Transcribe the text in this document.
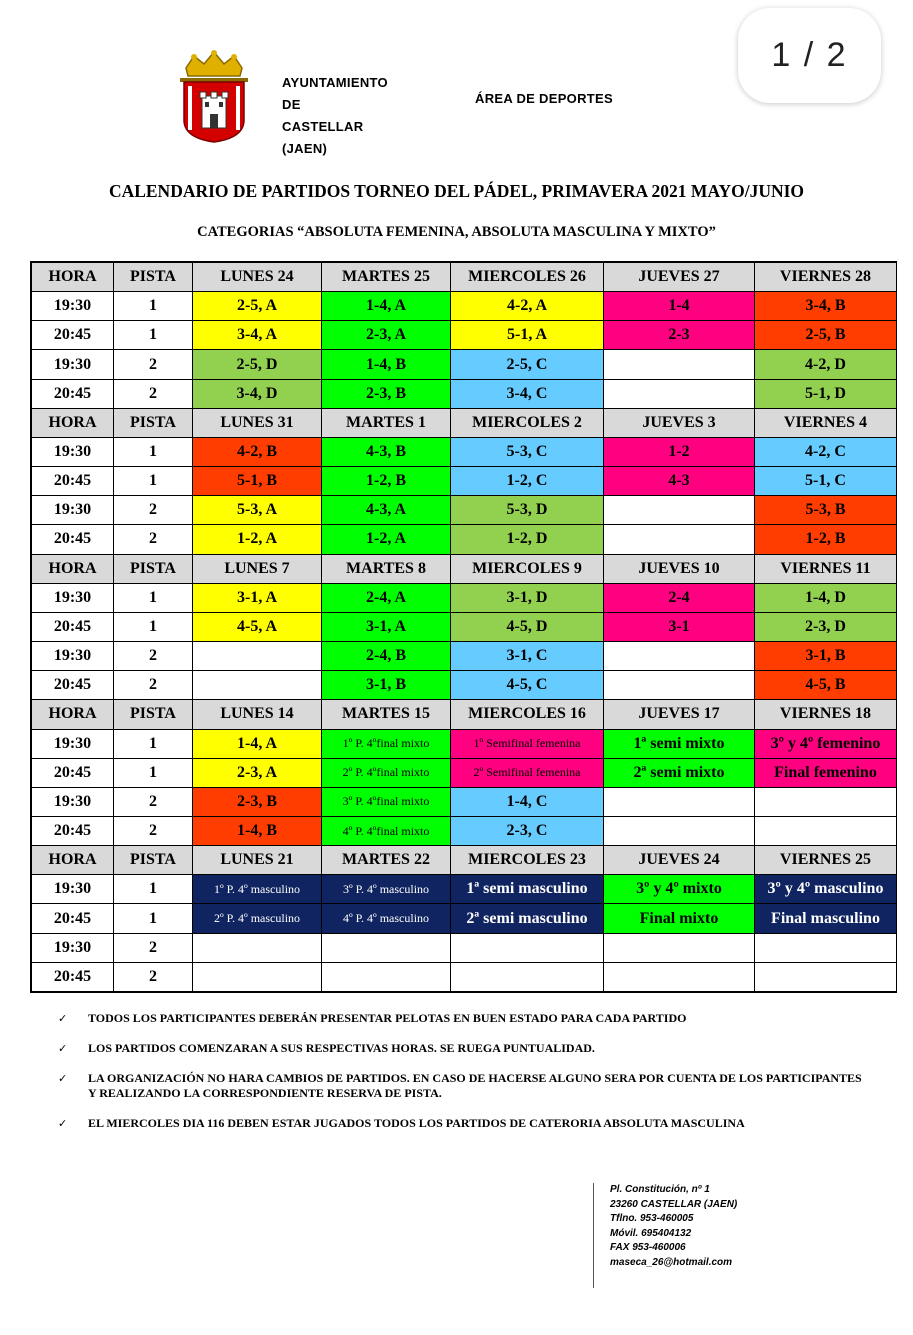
1 / 2
AYUNTAMIENTO
DE
CASTELLAR
(JAEN)
ÁREA DE DEPORTES
CALENDARIO DE PARTIDOS TORNEO DEL PÁDEL, PRIMAVERA 2021 MAYO/JUNIO
CATEGORIAS “ABSOLUTA FEMENINA, ABSOLUTA MASCULINA Y MIXTO”
HORA	PISTA	LUNES 24	MARTES 25	MIERCOLES 26	JUEVES 27	VIERNES 28
19:30	1	2-5, A	1-4, A	4-2, A	1-4	3-4, B
20:45	1	3-4, A	2-3, A	5-1, A	2-3	2-5, B
19:30	2	2-5, D	1-4, B	2-5, C		4-2, D
20:45	2	3-4, D	2-3, B	3-4, C		5-1, D
HORA	PISTA	LUNES 31	MARTES 1	MIERCOLES 2	JUEVES 3	VIERNES 4
19:30	1	4-2, B	4-3, B	5-3, C	1-2	4-2, C
20:45	1	5-1, B	1-2, B	1-2, C	4-3	5-1, C
19:30	2	5-3, A	4-3, A	5-3, D		5-3, B
20:45	2	1-2, A	1-2, A	1-2, D		1-2, B
HORA	PISTA	LUNES 7	MARTES 8	MIERCOLES 9	JUEVES 10	VIERNES 11
19:30	1	3-1, A	2-4, A	3-1, D	2-4	1-4, D
20:45	1	4-5, A	3-1, A	4-5, D	3-1	2-3, D
19:30	2		2-4, B	3-1, C		3-1, B
20:45	2		3-1, B	4-5, C		4-5, B
HORA	PISTA	LUNES 14	MARTES 15	MIERCOLES 16	JUEVES 17	VIERNES 18
19:30	1	1-4, A	1º P. 4ºfinal mixto	1º Semifinal femenina	1ª semi mixto	3º y 4º femenino
20:45	1	2-3, A	2º P. 4ºfinal mixto	2º Semifinal femenina	2ª semi mixto	Final femenino
19:30	2	2-3, B	3º P. 4ºfinal mixto	1-4, C		
20:45	2	1-4, B	4º P. 4ºfinal mixto	2-3, C		
HORA	PISTA	LUNES 21	MARTES 22	MIERCOLES 23	JUEVES 24	VIERNES 25
19:30	1	1º P. 4º masculino	3º P. 4º masculino	1ª semi masculino	3º y 4º mixto	3º y 4º masculino
20:45	1	2º P. 4º masculino	4º P. 4º masculino	2ª semi masculino	Final mixto	Final masculino
19:30	2					
20:45	2					
✓	TODOS LOS PARTICIPANTES DEBERÁN PRESENTAR PELOTAS EN BUEN ESTADO PARA CADA PARTIDO
✓	LOS PARTIDOS COMENZARAN A SUS RESPECTIVAS HORAS. SE RUEGA PUNTUALIDAD.
✓	LA ORGANIZACIÓN NO HARA CAMBIOS DE PARTIDOS. EN CASO DE HACERSE ALGUNO SERA POR CUENTA DE LOS PARTICIPANTES Y REALIZANDO LA CORRESPONDIENTE RESERVA DE PISTA.
✓	EL MIERCOLES DIA 116 DEBEN ESTAR JUGADOS TODOS LOS PARTIDOS DE CATERORIA ABSOLUTA MASCULINA
Pl. Constitución, nº 1
23260 CASTELLAR (JAEN)
Tflno. 953-460005
Móvil. 695404132
FAX 953-460006
maseca_26@hotmail.com
